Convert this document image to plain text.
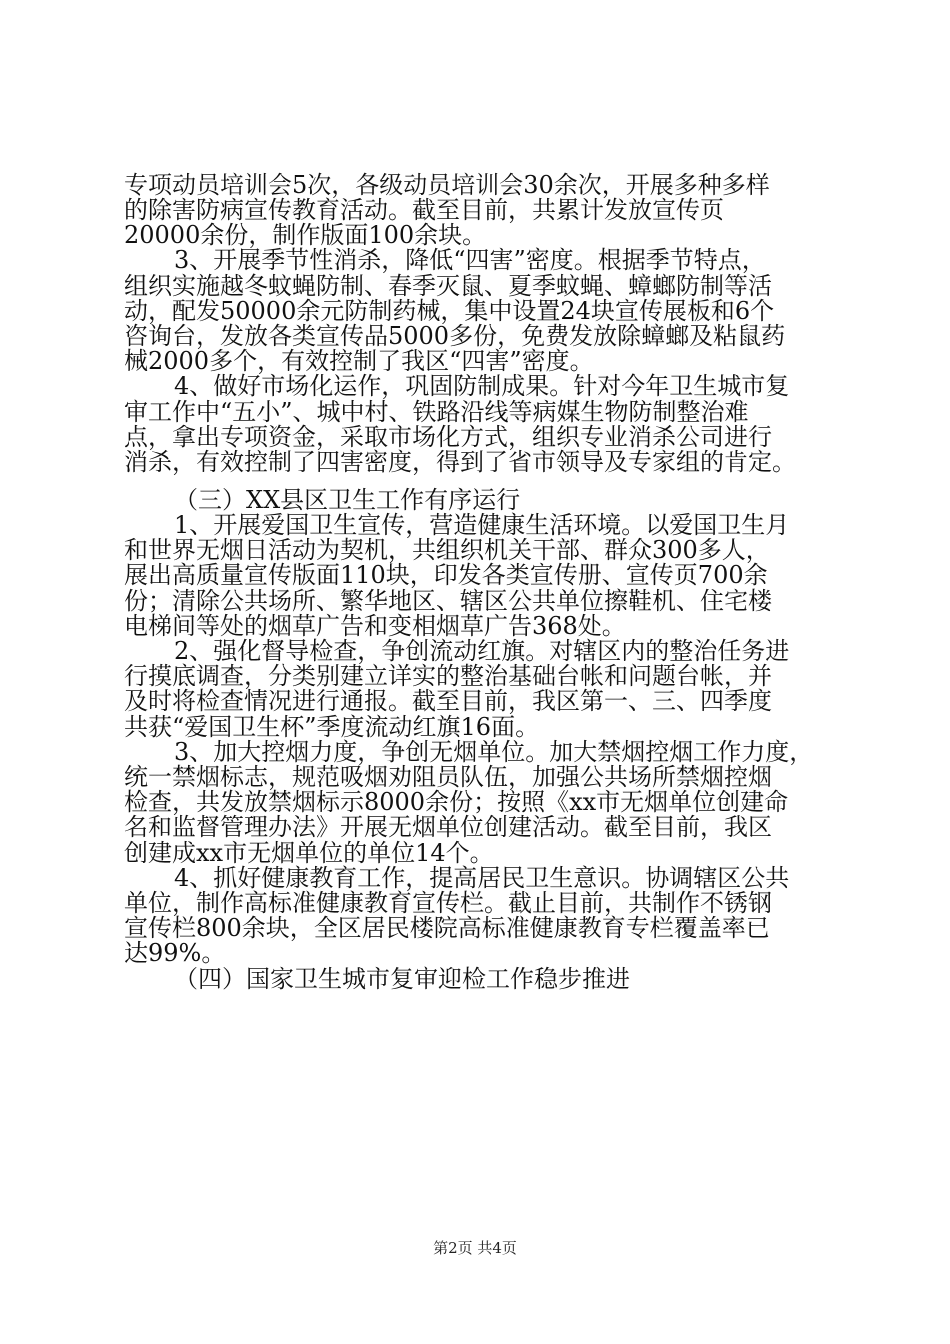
专项动员培训会5次，各级动员培训会30余次，开展多种多样
的除害防病宣传教育活动。截至目前，共累计发放宣传页
20000余份，制作版面100余块。
3、开展季节性消杀，降低“四害”密度。根据季节特点，
组织实施越冬蚊蝇防制、春季灭鼠、夏季蚊蝇、蟑螂防制等活
动，配发50000余元防制药械，集中设置24块宣传展板和6个
咨询台，发放各类宣传品5000多份，免费发放除蟑螂及粘鼠药
械2000多个，有效控制了我区“四害”密度。
4、做好市场化运作，巩固防制成果。针对今年卫生城市复
审工作中“五小”、城中村、铁路沿线等病媒生物防制整治难
点，拿出专项资金，采取市场化方式，组织专业消杀公司进行
消杀，有效控制了四害密度，得到了省市领导及专家组的肯定。
（三）XX县区卫生工作有序运行
1、开展爱国卫生宣传，营造健康生活环境。以爱国卫生月
和世界无烟日活动为契机，共组织机关干部、群众300多人，
展出高质量宣传版面110块，印发各类宣传册、宣传页700余
份；清除公共场所、繁华地区、辖区公共单位擦鞋机、住宅楼
电梯间等处的烟草广告和变相烟草广告368处。
2、强化督导检查，争创流动红旗。对辖区内的整治任务进
行摸底调查，分类别建立详实的整治基础台帐和问题台帐，并
及时将检查情况进行通报。截至目前，我区第一、三、四季度
共获“爱国卫生杯”季度流动红旗16面。
3、加大控烟力度，争创无烟单位。加大禁烟控烟工作力度，
统一禁烟标志，规范吸烟劝阻员队伍，加强公共场所禁烟控烟
检查，共发放禁烟标示8000余份；按照《xx市无烟单位创建命
名和监督管理办法》开展无烟单位创建活动。截至目前，我区
创建成xx市无烟单位的单位14个。
4、抓好健康教育工作，提高居民卫生意识。协调辖区公共
单位，制作高标准健康教育宣传栏。截止目前，共制作不锈钢
宣传栏800余块，全区居民楼院高标准健康教育专栏覆盖率已
达99%。
（四）国家卫生城市复审迎检工作稳步推进
第2页 共4页
